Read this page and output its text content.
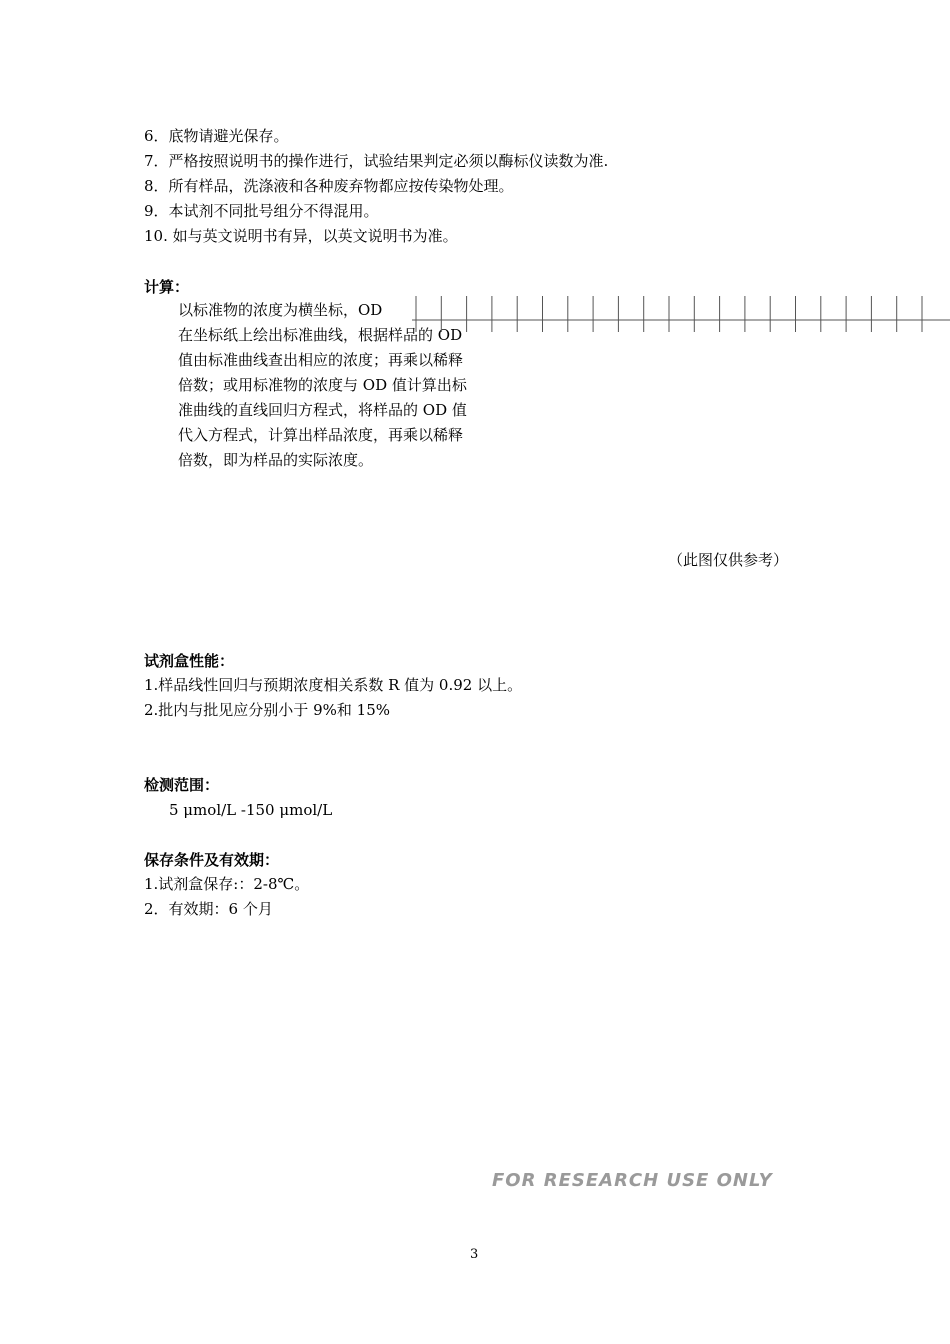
6．底物请避光保存。
7．严格按照说明书的操作进行，试验结果判定必须以酶标仪读数为准.
8．所有样品，洗涤液和各种废弃物都应按传染物处理。
9．本试剂不同批号组分不得混用。
10. 如与英文说明书有异，以英文说明书为准。
计算：
以标准物的浓度为横坐标，OD
在坐标纸上绘出标准曲线，根据样品的 OD
值由标准曲线查出相应的浓度；再乘以稀释
倍数；或用标准物的浓度与 OD 值计算出标
准曲线的直线回归方程式，将样品的 OD 值
代入方程式，计算出样品浓度，再乘以稀释
倍数，即为样品的实际浓度。
（此图仅供参考）
试剂盒性能：
1.样品线性回归与预期浓度相关系数 R 值为 0.92 以上。
2.批内与批见应分别小于 9%和 15%
检测范围：
5 μmol/L -150 μmol/L
保存条件及有效期：
1.试剂盒保存:：2-8℃。
2．有效期：6 个月
FOR RESEARCH USE ONLY
3
